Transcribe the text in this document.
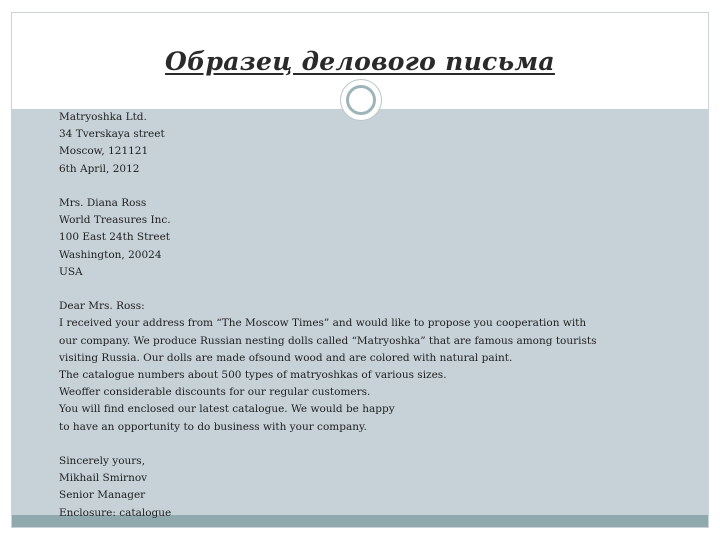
Образец делового письма
Matryoshka Ltd.
34 Tverskaya street
Moscow, 121121
6th April, 2012
Mrs. Diana Ross
World Treasures Inc.
100 East 24th Street
Washington, 20024
USA
Dear Mrs. Ross:
I received your address from “The Moscow Times” and would like to propose you cooperation with
our company. We produce Russian nesting dolls called “Matryoshka” that are famous among tourists
visiting Russia. Our dolls are made ofsound wood and are colored with natural paint.
The catalogue numbers about 500 types of matryoshkas of various sizes.
Weoffer considerable discounts for our regular customers.
You will find enclosed our latest catalogue. We would be happy
to have an opportunity to do business with your company.
Sincerely yours,
Mikhail Smirnov
Senior Manager
Enclosure: catalogue
